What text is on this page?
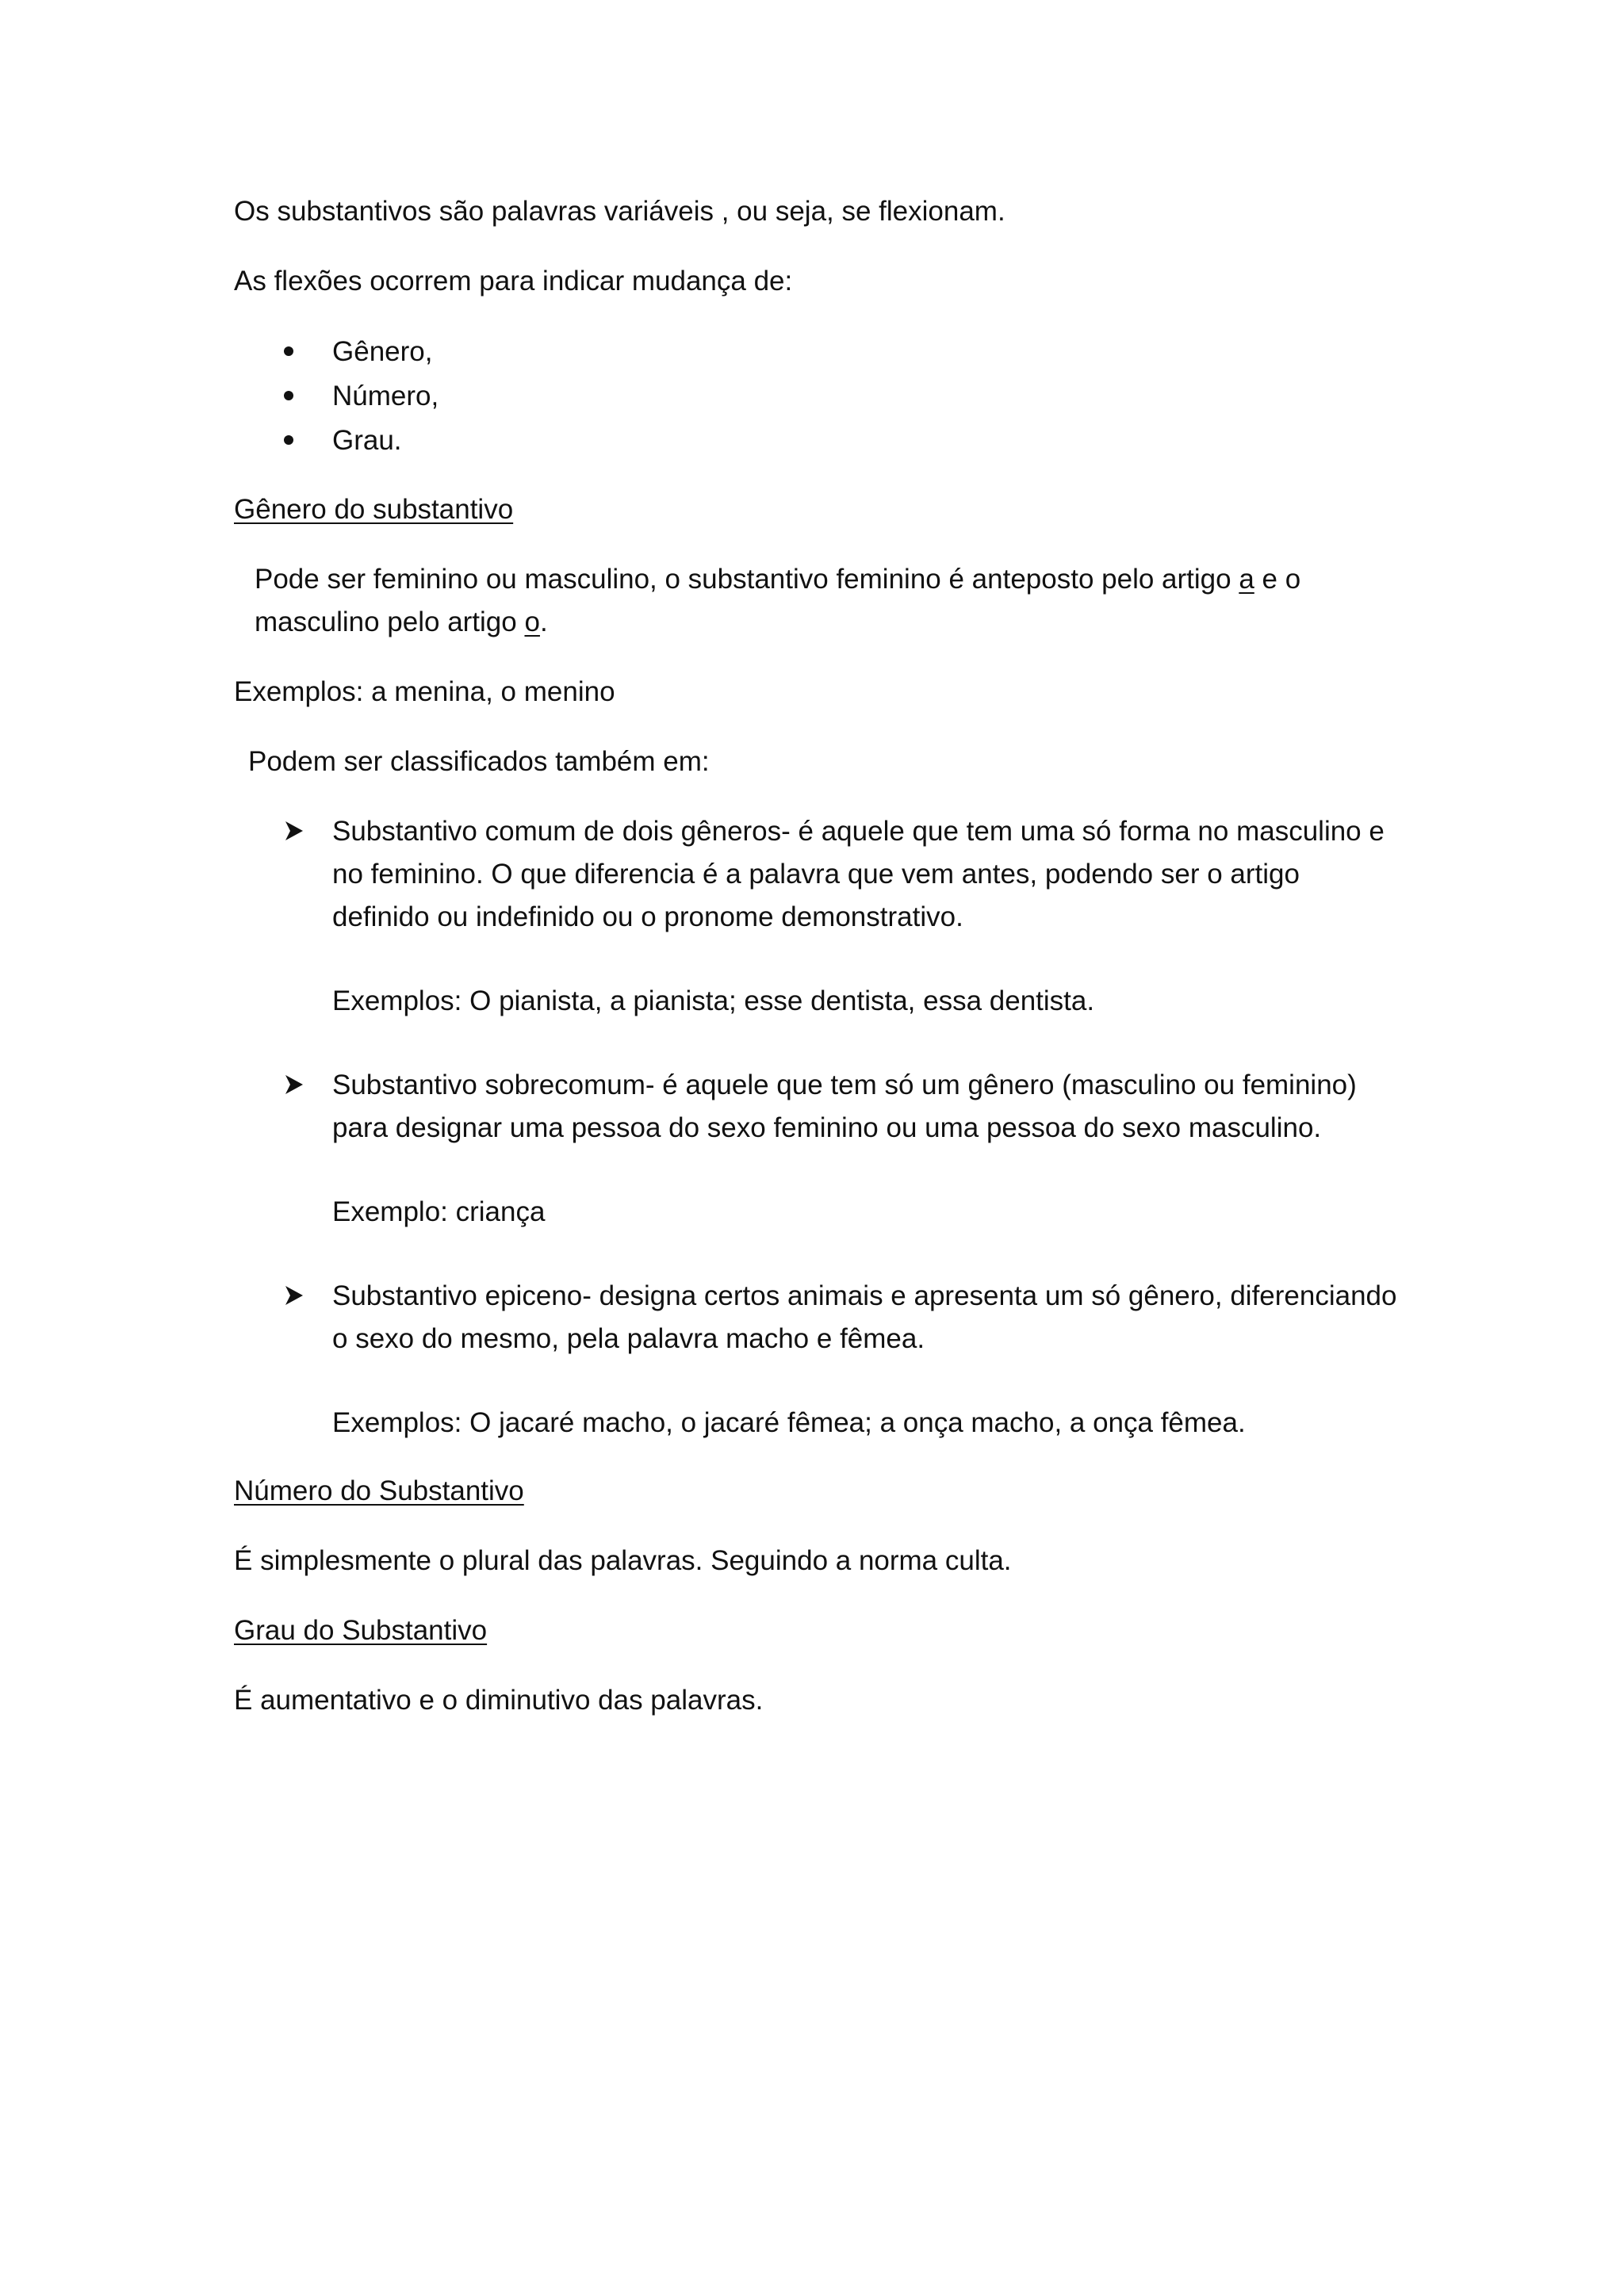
Os substantivos são palavras variáveis , ou seja, se flexionam.

As flexões ocorrem para indicar mudança de:

Gênero,
Número,
Grau.

Gênero do substantivo

Pode ser feminino ou masculino, o substantivo feminino é anteposto pelo artigo a e o masculino pelo artigo o.

Exemplos: a menina, o menino

Podem ser classificados também em:

Substantivo comum de dois gêneros- é aquele que tem uma só forma no masculino e no feminino. O que diferencia é a palavra que vem antes, podendo ser o artigo definido ou indefinido ou o pronome demonstrativo.
Exemplos: O pianista, a pianista; esse dentista, essa dentista.
Substantivo sobrecomum- é aquele que tem só um gênero (masculino ou feminino) para designar uma pessoa do sexo feminino ou uma pessoa do sexo masculino.
Exemplo: criança
Substantivo epiceno- designa certos animais e apresenta um só gênero, diferenciando o sexo do mesmo, pela palavra macho e fêmea.
Exemplos: O jacaré macho, o jacaré fêmea; a onça macho, a onça fêmea.

Número do Substantivo

É simplesmente o plural das palavras. Seguindo a norma culta.

Grau do Substantivo

É aumentativo e o diminutivo das palavras.
